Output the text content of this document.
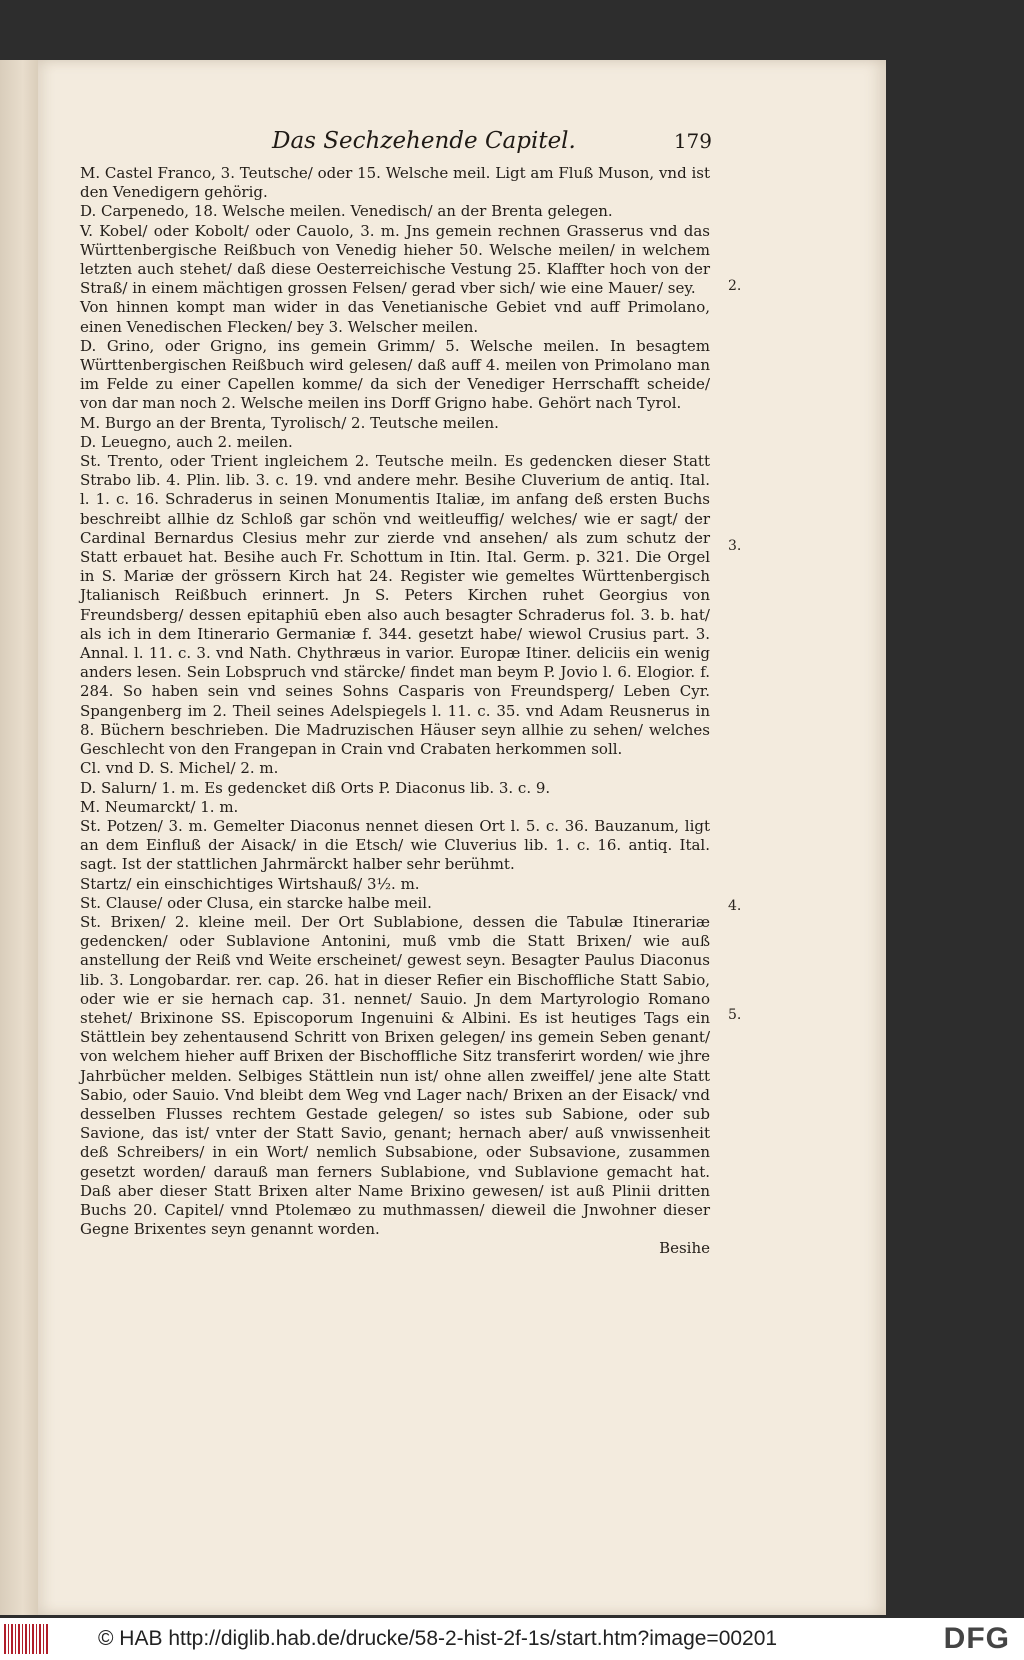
Das Sechzehende Capitel.	179

M. Castel Franco, 3. Teutsche/ oder 15. Welsche meil. Ligt am Fluß Muson, vnd ist den Venedigern gehörig.

D. Carpenedo, 18. Welsche meilen. Venedisch/ an der Brenta gelegen.

V. Kobel/ oder Kobolt/ oder Cauolo, 3. m. Jns gemein rechnen Grasserus vnd das Württenbergische Reißbuch von Venedig hieher 50. Welsche meilen/ in welchem letzten auch stehet/ daß diese Oesterreichische Vestung 25. Klaffter hoch von der Straß/ in einem mächtigen grossen Felsen/ gerad vber sich/ wie eine Mauer/ sey.

Von hinnen kompt man wider in das Venetianische Gebiet vnd auff Primolano, einen Venedischen Flecken/ bey 3. Welscher meilen.

D. Grino, oder Grigno, ins gemein Grimm/ 5. Welsche meilen. In besagtem Württenbergischen Reißbuch wird gelesen/ daß auff 4. meilen von Primolano man im Felde zu einer Capellen komme/ da sich der Venediger Herrschafft scheide/ von dar man noch 2. Welsche meilen ins Dorff Grigno habe. Gehört nach Tyrol.

M. Burgo an der Brenta, Tyrolisch/ 2. Teutsche meilen.

D. Leuegno, auch 2. meilen.

St. Trento, oder Trient ingleichem 2. Teutsche meiln. Es gedencken dieser Statt Strabo lib. 4. Plin. lib. 3. c. 19. vnd andere mehr. Besihe Cluverium de antiq. Ital. l. 1. c. 16. Schraderus in seinen Monumentis Italiæ, im anfang deß ersten Buchs beschreibt allhie dz Schloß gar schön vnd weitleuffig/ welches/ wie er sagt/ der Cardinal Bernardus Clesius mehr zur zierde vnd ansehen/ als zum schutz der Statt erbauet hat. Besihe auch Fr. Schottum in Itin. Ital. Germ. p. 321. Die Orgel in S. Mariæ der grössern Kirch hat 24. Register wie gemeltes Württenbergisch Jtalianisch Reißbuch erinnert. Jn S. Peters Kirchen ruhet Georgius von Freundsberg/ dessen epitaphiū eben also auch besagter Schraderus fol. 3. b. hat/ als ich in dem Itinerario Germaniæ f. 344. gesetzt habe/ wiewol Crusius part. 3. Annal. l. 11. c. 3. vnd Nath. Chythræus in varior. Europæ Itiner. deliciis ein wenig anders lesen. Sein Lobspruch vnd stärcke/ findet man beym P. Jovio l. 6. Elogior. f. 284. So haben sein vnd seines Sohns Casparis von Freundsperg/ Leben Cyr. Spangenberg im 2. Theil seines Adelspiegels l. 11. c. 35. vnd Adam Reusnerus in 8. Büchern beschrieben. Die Madruzischen Häuser seyn allhie zu sehen/ welches Geschlecht von den Frangepan in Crain vnd Crabaten herkommen soll.

Cl. vnd D. S. Michel/ 2. m.

D. Salurn/ 1. m. Es gedencket diß Orts P. Diaconus lib. 3. c. 9.

M. Neumarckt/ 1. m.

St. Potzen/ 3. m. Gemelter Diaconus nennet diesen Ort l. 5. c. 36. Bauzanum, ligt an dem Einfluß der Aisack/ in die Etsch/ wie Cluverius lib. 1. c. 16. antiq. Ital. sagt. Ist der stattlichen Jahrmärckt halber sehr berühmt.

Startz/ ein einschichtiges Wirtshauß/ 3½. m.

St. Clause/ oder Clusa, ein starcke halbe meil.

St. Brixen/ 2. kleine meil. Der Ort Sublabione, dessen die Tabulæ Itinerariæ gedencken/ oder Sublavione Antonini, muß vmb die Statt Brixen/ wie auß anstellung der Reiß vnd Weite erscheinet/ gewest seyn. Besagter Paulus Diaconus lib. 3. Longobardar. rer. cap. 26. hat in dieser Refier ein Bischoffliche Statt Sabio, oder wie er sie hernach cap. 31. nennet/ Sauio. Jn dem Martyrologio Romano stehet/ Brixinone SS. Episcoporum Ingenuini & Albini. Es ist heutiges Tags ein Stättlein bey zehentausend Schritt von Brixen gelegen/ ins gemein Seben genant/ von welchem hieher auff Brixen der Bischoffliche Sitz transferirt worden/ wie jhre Jahrbücher melden. Selbiges Stättlein nun ist/ ohne allen zweiffel/ jene alte Statt Sabio, oder Sauio. Vnd bleibt dem Weg vnd Lager nach/ Brixen an der Eisack/ vnd desselben Flusses rechtem Gestade gelegen/ so istes sub Sabione, oder sub Savione, das ist/ vnter der Statt Savio, genant; hernach aber/ auß vnwissenheit deß Schreibers/ in ein Wort/ nemlich Subsabione, oder Subsavione, zusammen gesetzt worden/ darauß man ferners Sublabione, vnd Sublavione gemacht hat. Daß aber dieser Statt Brixen alter Name Brixino gewesen/ ist auß Plinii dritten Buchs 20. Capitel/ vnnd Ptolemæo zu muthmassen/ dieweil die Jnwohner dieser Gegne Brixentes seyn genannt worden.

Besihe

2.
3.
4.
5.
© HAB http://diglib.hab.de/drucke/58-2-hist-2f-1s/start.htm?image=00201	DFG
